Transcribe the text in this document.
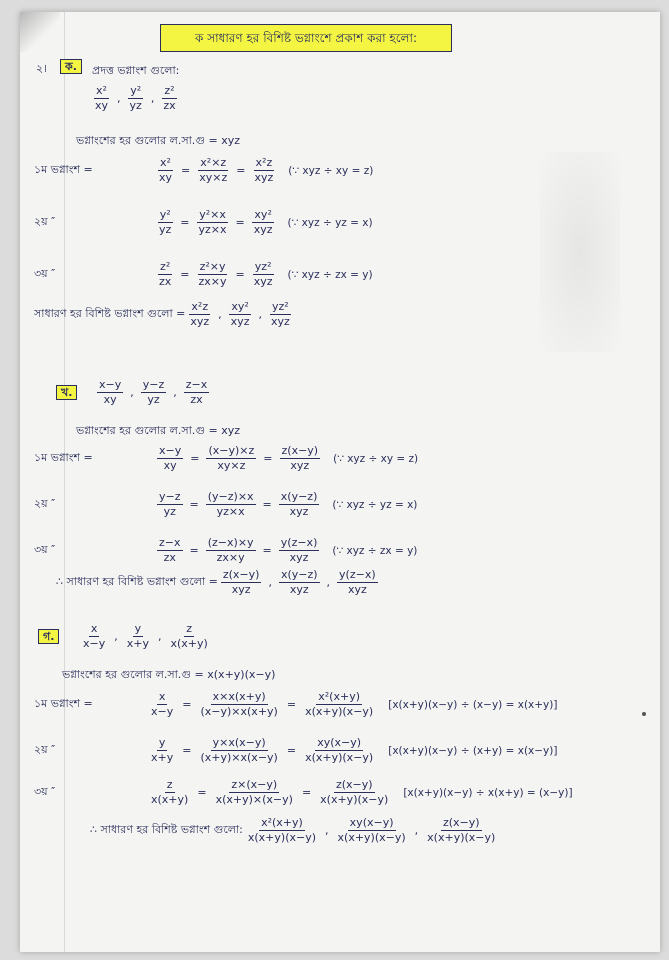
ক সাধারণ হর বিশিষ্ট ভগ্নাংশে প্রকাশ করা হলো:
২।	ক.	প্রদত্ত ভগ্নাংশ গুলো:
$\frac{\text{x²}}{xy}$ , $\frac{\text{y²}}{yz}$ , $\frac{\text{z²}}{zx}$
ভগ্নাংশের হর গুলোর ল.সা.গু = xyz
১ম ভগ্নাংশ =	$\frac{\text{x²}}{xy} = \frac{\text{x²×z}}{xy\times z} = \frac{\text{x²z}}{\text{xyz}}$ (∵ xyz ÷ xy = z)
২য় ″	$\frac{\text{y²}}{yz} = \frac{\text{y²×x}}{yz\times x} = \frac{\text{xy²}}{\text{xyz}}$ (∵ xyz ÷ yz = x)
৩য় ″	$\frac{\text{z²}}{zx} = \frac{\text{z²×y}}{zx\times y} = \frac{\text{yz²}}{\text{xyz}}$ (∵ xyz ÷ zx = y)
সাধারণ হর বিশিষ্ট ভগ্নাংশ গুলো = $\frac{\text{x²z}}{\text{xyz}}$ , $\frac{\text{xy²}}{\text{xyz}}$ , $\frac{\text{yz²}}{\text{xyz}}$
খ.	$\frac{x-y}{xy}$ , $\frac{y-z}{yz}$ , $\frac{z-x}{zx}$
ভগ্নাংশের হর গুলোর ল.সা.গু = xyz
১ম ভগ্নাংশ =	$\frac{x-y}{xy} = \frac{(x-y)\times z}{xy\times z} = \frac{z(x-y)}{\text{xyz}}$ (∵ xyz ÷ xy = z)
২য় ″	$\frac{y-z}{yz} = \frac{(y-z)\times x}{yz\times x} = \frac{x(y-z)}{\text{xyz}}$ (∵ xyz ÷ yz = x)
৩য় ″	$\frac{z-x}{zx} = \frac{(z-x)\times y}{zx\times y} = \frac{y(z-x)}{\text{xyz}}$ (∵ xyz ÷ zx = y)
∴ সাধারণ হর বিশিষ্ট ভগ্নাংশ গুলো = $\frac{z(x-y)}{\text{xyz}}$ , $\frac{x(y-z)}{\text{xyz}}$ , $\frac{y(z-x)}{\text{xyz}}$
গ.	$\frac{x}{x-y}$ , $\frac{y}{x+y}$ , $\frac{z}{x(x+y)}$
ভগ্নাংশের হর গুলোর ল.সা.গু = x(x+y)(x−y)
১ম ভগ্নাংশ =	$\frac{x}{x-y} = \frac{x\times x(x+y)}{(x-y)\times x(x+y)} = \frac{\text{x²(x+y)}}{x(x+y)(x-y)} [x(x+y)(x-y) \div (x-y) = x(x+y)]$
২য় ″	$\frac{y}{x+y} = \frac{y\times x(x-y)}{(x+y)\times x(x-y)} = \frac{xy(x-y)}{x(x+y)(x-y)} [x(x+y)(x-y) \div (x+y) = x(x-y)]$
৩য় ″	$\frac{z}{x(x+y)} = \frac{z\times(x-y)}{x(x+y)\times(x-y)} = \frac{z(x-y)}{x(x+y)(x-y)} [x(x+y)(x-y) \div x(x+y) = (x-y)]$
∴ সাধারণ হর বিশিষ্ট ভগ্নাংশ গুলো: $\frac{\text{x²(x+y)}}{x(x+y)(x-y)}$ , $\frac{xy(x-y)}{x(x+y)(x-y)}$ , $\frac{z(x-y)}{x(x+y)(x-y)}$
